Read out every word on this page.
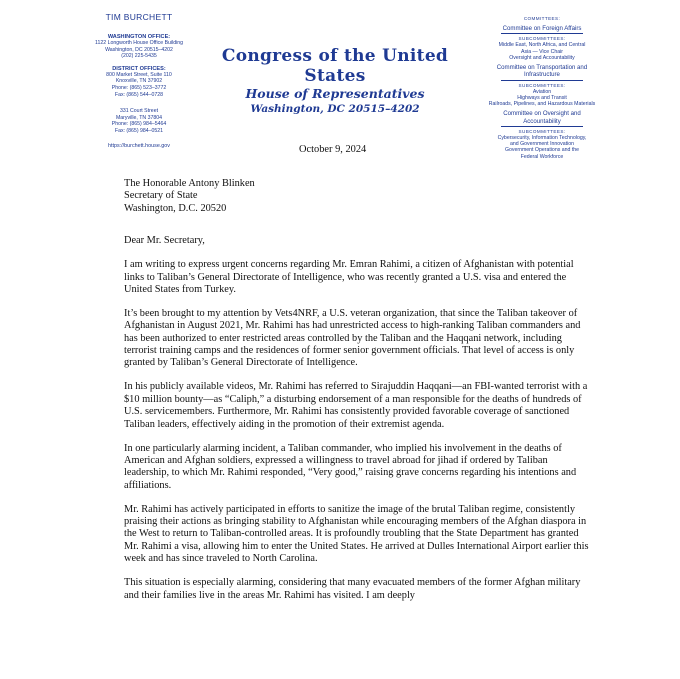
TIM BURCHETT
WASHINGTON OFFICE:
1122 Longworth House Office Building
Washington, DC 20515–4202
(202) 225-5435
DISTRICT OFFICES:
800 Market Street, Suite 110
Knoxville, TN 37902
Phone: (865) 523–3772
Fax: (865) 544–0728
331 Court Street
Maryville, TN 37804
Phone: (865) 984–5464
Fax: (865) 984–0521
https://burchett.house.gov
Congress of the United States
House of Representatives
Washington, DC 20515–4202
COMMITTEES:
Committee on Foreign Affairs
SUBCOMMITTEES:
Middle East, North Africa, and Central
Asia — Vice Chair
Oversight and Accountability
Committee on Transportation and
Infrastructure
SUBCOMMITTEES:
Aviation
Highways and Transit
Railroads, Pipelines, and Hazardous Materials
Committee on Oversight and
Accountability
SUBCOMMITTEES:
Cybersecurity, Information Technology,
and Government Innovation
Government Operations and the
Federal Workforce
October 9, 2024
The Honorable Antony Blinken
Secretary of State
Washington, D.C. 20520

Dear Mr. Secretary,

I am writing to express urgent concerns regarding Mr. Emran Rahimi, a citizen of Afghanistan with potential links to Taliban’s General Directorate of Intelligence, who was recently granted a U.S. visa and entered the United States from Turkey.

It’s been brought to my attention by Vets4NRF, a U.S. veteran organization, that since the Taliban takeover of Afghanistan in August 2021, Mr. Rahimi has had unrestricted access to high-ranking Taliban commanders and has been authorized to enter restricted areas controlled by the Taliban and the Haqqani network, including terrorist training camps and the residences of former senior government officials. That level of access is only granted by Taliban’s General Directorate of Intelligence.

In his publicly available videos, Mr. Rahimi has referred to Sirajuddin Haqqani—an FBI-wanted terrorist with a $10 million bounty—as “Caliph,” a disturbing endorsement of a man responsible for the deaths of hundreds of U.S. servicemembers. Furthermore, Mr. Rahimi has consistently provided favorable coverage of sanctioned Taliban leaders, effectively aiding in the promotion of their extremist agenda.

In one particularly alarming incident, a Taliban commander, who implied his involvement in the deaths of American and Afghan soldiers, expressed a willingness to travel abroad for jihad if ordered by Taliban leadership, to which Mr. Rahimi responded, “Very good,” raising grave concerns regarding his intentions and affiliations.

Mr. Rahimi has actively participated in efforts to sanitize the image of the brutal Taliban regime, consistently praising their actions as bringing stability to Afghanistan while encouraging members of the Afghan diaspora in the West to return to Taliban-controlled areas. It is profoundly troubling that the State Department has granted Mr. Rahimi a visa, allowing him to enter the United States. He arrived at Dulles International Airport earlier this week and has since traveled to North Carolina.

This situation is especially alarming, considering that many evacuated members of the former Afghan military and their families live in the areas Mr. Rahimi has visited. I am deeply
